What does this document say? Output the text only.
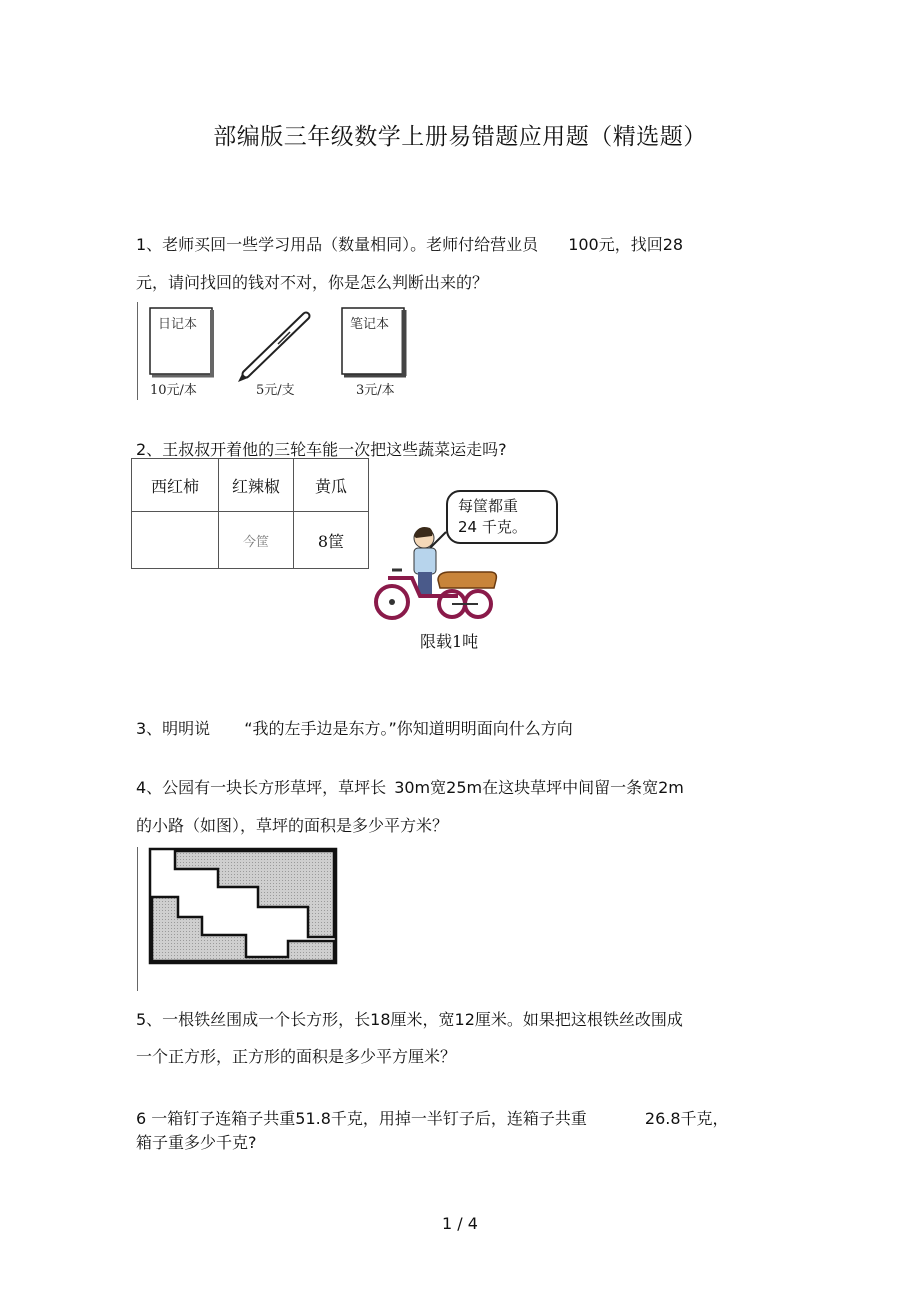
部编版三年级数学上册易错题应用题（精选题）
1、老师买回一些学习用品（数量相同）。老师付给营业员 100元，找回28
元，请问找回的钱对不对，你是怎么判断出来的？
日记本
10元/本	5元/支
笔记本
3元/本
2、王叔叔开着他的三轮车能一次把这些蔬菜运走吗?
西红柿	红辣椒	黄瓜
	今筐	8筐
每筐都重
24 千克。
限载1吨
3、明明说 “我的左手边是东方。”你知道明明面向什么方向
4、公园有一块长方形草坪，草坪长 30m宽25m在这块草坪中间留一条宽2m
的小路（如图），草坪的面积是多少平方米？
5、一根铁丝围成一个长方形，长18厘米，宽12厘米。如果把这根铁丝改围成
一个正方形，正方形的面积是多少平方厘米？
6 一箱钉子连箱子共重51.8千克，用掉一半钉子后，连箱子共重	26.8千克，
箱子重多少千克?
1 / 4
